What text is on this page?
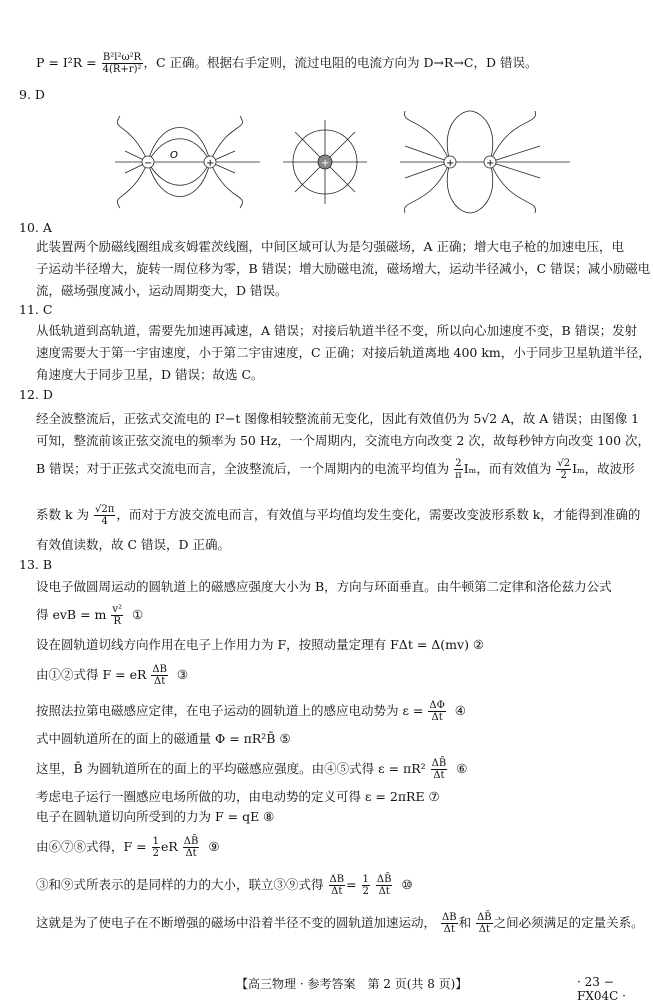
$P = I^2R = \frac{\text{B²l²ω²R}}{\text{4(R+r)²}}$ ，C 正确。根据右手定则，流过电阻的电流方向为 D→R→C，D 错误。
9. D
−	+
O
+	+	+
10. A
此装置两个励磁线圈组成亥姆霍茨线圈，中间区域可认为是匀强磁场，A 正确；增大电子枪的加速电压，电
子运动半径增大，旋转一周位移为零，B 错误；增大励磁电流，磁场增大，运动半径减小，C 错误；减小励磁电
流，磁场强度减小，运动周期变大，D 错误。
11. C
从低轨道到高轨道，需要先加速再减速，A 错误；对接后轨道半径不变，所以向心加速度不变，B 错误；发射
速度需要大于第一宇宙速度，小于第二宇宙速度，C 正确；对接后轨道离地 400 km，小于同步卫星轨道半径，
角速度大于同步卫星，D 错误；故选 C。
12. D
经全波整流后，正弦式交流电的 I²−t 图像相较整流前无变化，因此有效值仍为 5√2 A，故 A 错误；由图像 1
可知，整流前该正弦交流电的频率为 50 Hz，一个周期内，交流电方向改变 2 次，故每秒钟方向改变 100 次，
B 错误；对于正弦式交流电而言，全波整流后，一个周期内的电流平均值为 $\frac{2}{\pi}$ Iₘ，而有效值为 $\frac{√2}{2}$ Iₘ，故波形
系数 k 为 $\frac{√2\pi}{4}$ ，而对于方波交流电而言，有效值与平均值均发生变化，需要改变波形系数 k，才能得到准确的
有效值读数，故 C 错误，D 正确。
13. B
设电子做圆周运动的圆轨道上的磁感应强度大小为 B，方向与环面垂直。由牛顿第二定律和洛伦兹力公式
得 evB = m $\frac{\text{v²}}{R}$ ①
设在圆轨道切线方向作用在电子上作用力为 F，按照动量定理有 FΔt = Δ(mv) ②
由①②式得 F = eR $\frac{\Delta B}{\Delta t}$ ③
按照法拉第电磁感应定律，在电子运动的圆轨道上的感应电动势为 $\varepsilon = \frac{\Delta\Phi}{\Delta t}$ ④
式中圆轨道所在的面上的磁通量 Φ = πR²B̄ ⑤
这里，B̄ 为圆轨道所在的面上的平均磁感应强度。由④⑤式得 $\varepsilon = \pi R^2 \frac{\Delta B̄}{\Delta t}$ ⑥
考虑电子运行一圈感应电场所做的功，由电动势的定义可得 ε = 2πRE ⑦
电子在圆轨道切向所受到的力为 F = qE ⑧
由⑥⑦⑧式得，$F = \frac{1}{2}$ eR $\frac{\Delta B̄}{\Delta t}$ ⑨
③和⑨式所表示的是同样的力的大小，联立③⑨式得 $\frac{\Delta B}{\Delta t} = \frac{1}{2}$
$\frac{\Delta B̄}{\Delta t}$ ⑩
这就是为了使电子在不断增强的磁场中沿着半径不变的圆轨道加速运动， $\frac{\Delta B}{\Delta t}$ 和 $\frac{\Delta B̄}{\Delta t}$ 之间必须满足的定量关系。
【高三物理 · 参考答案　第 2 页(共 8 页)】	· 23 − FX04C ·
